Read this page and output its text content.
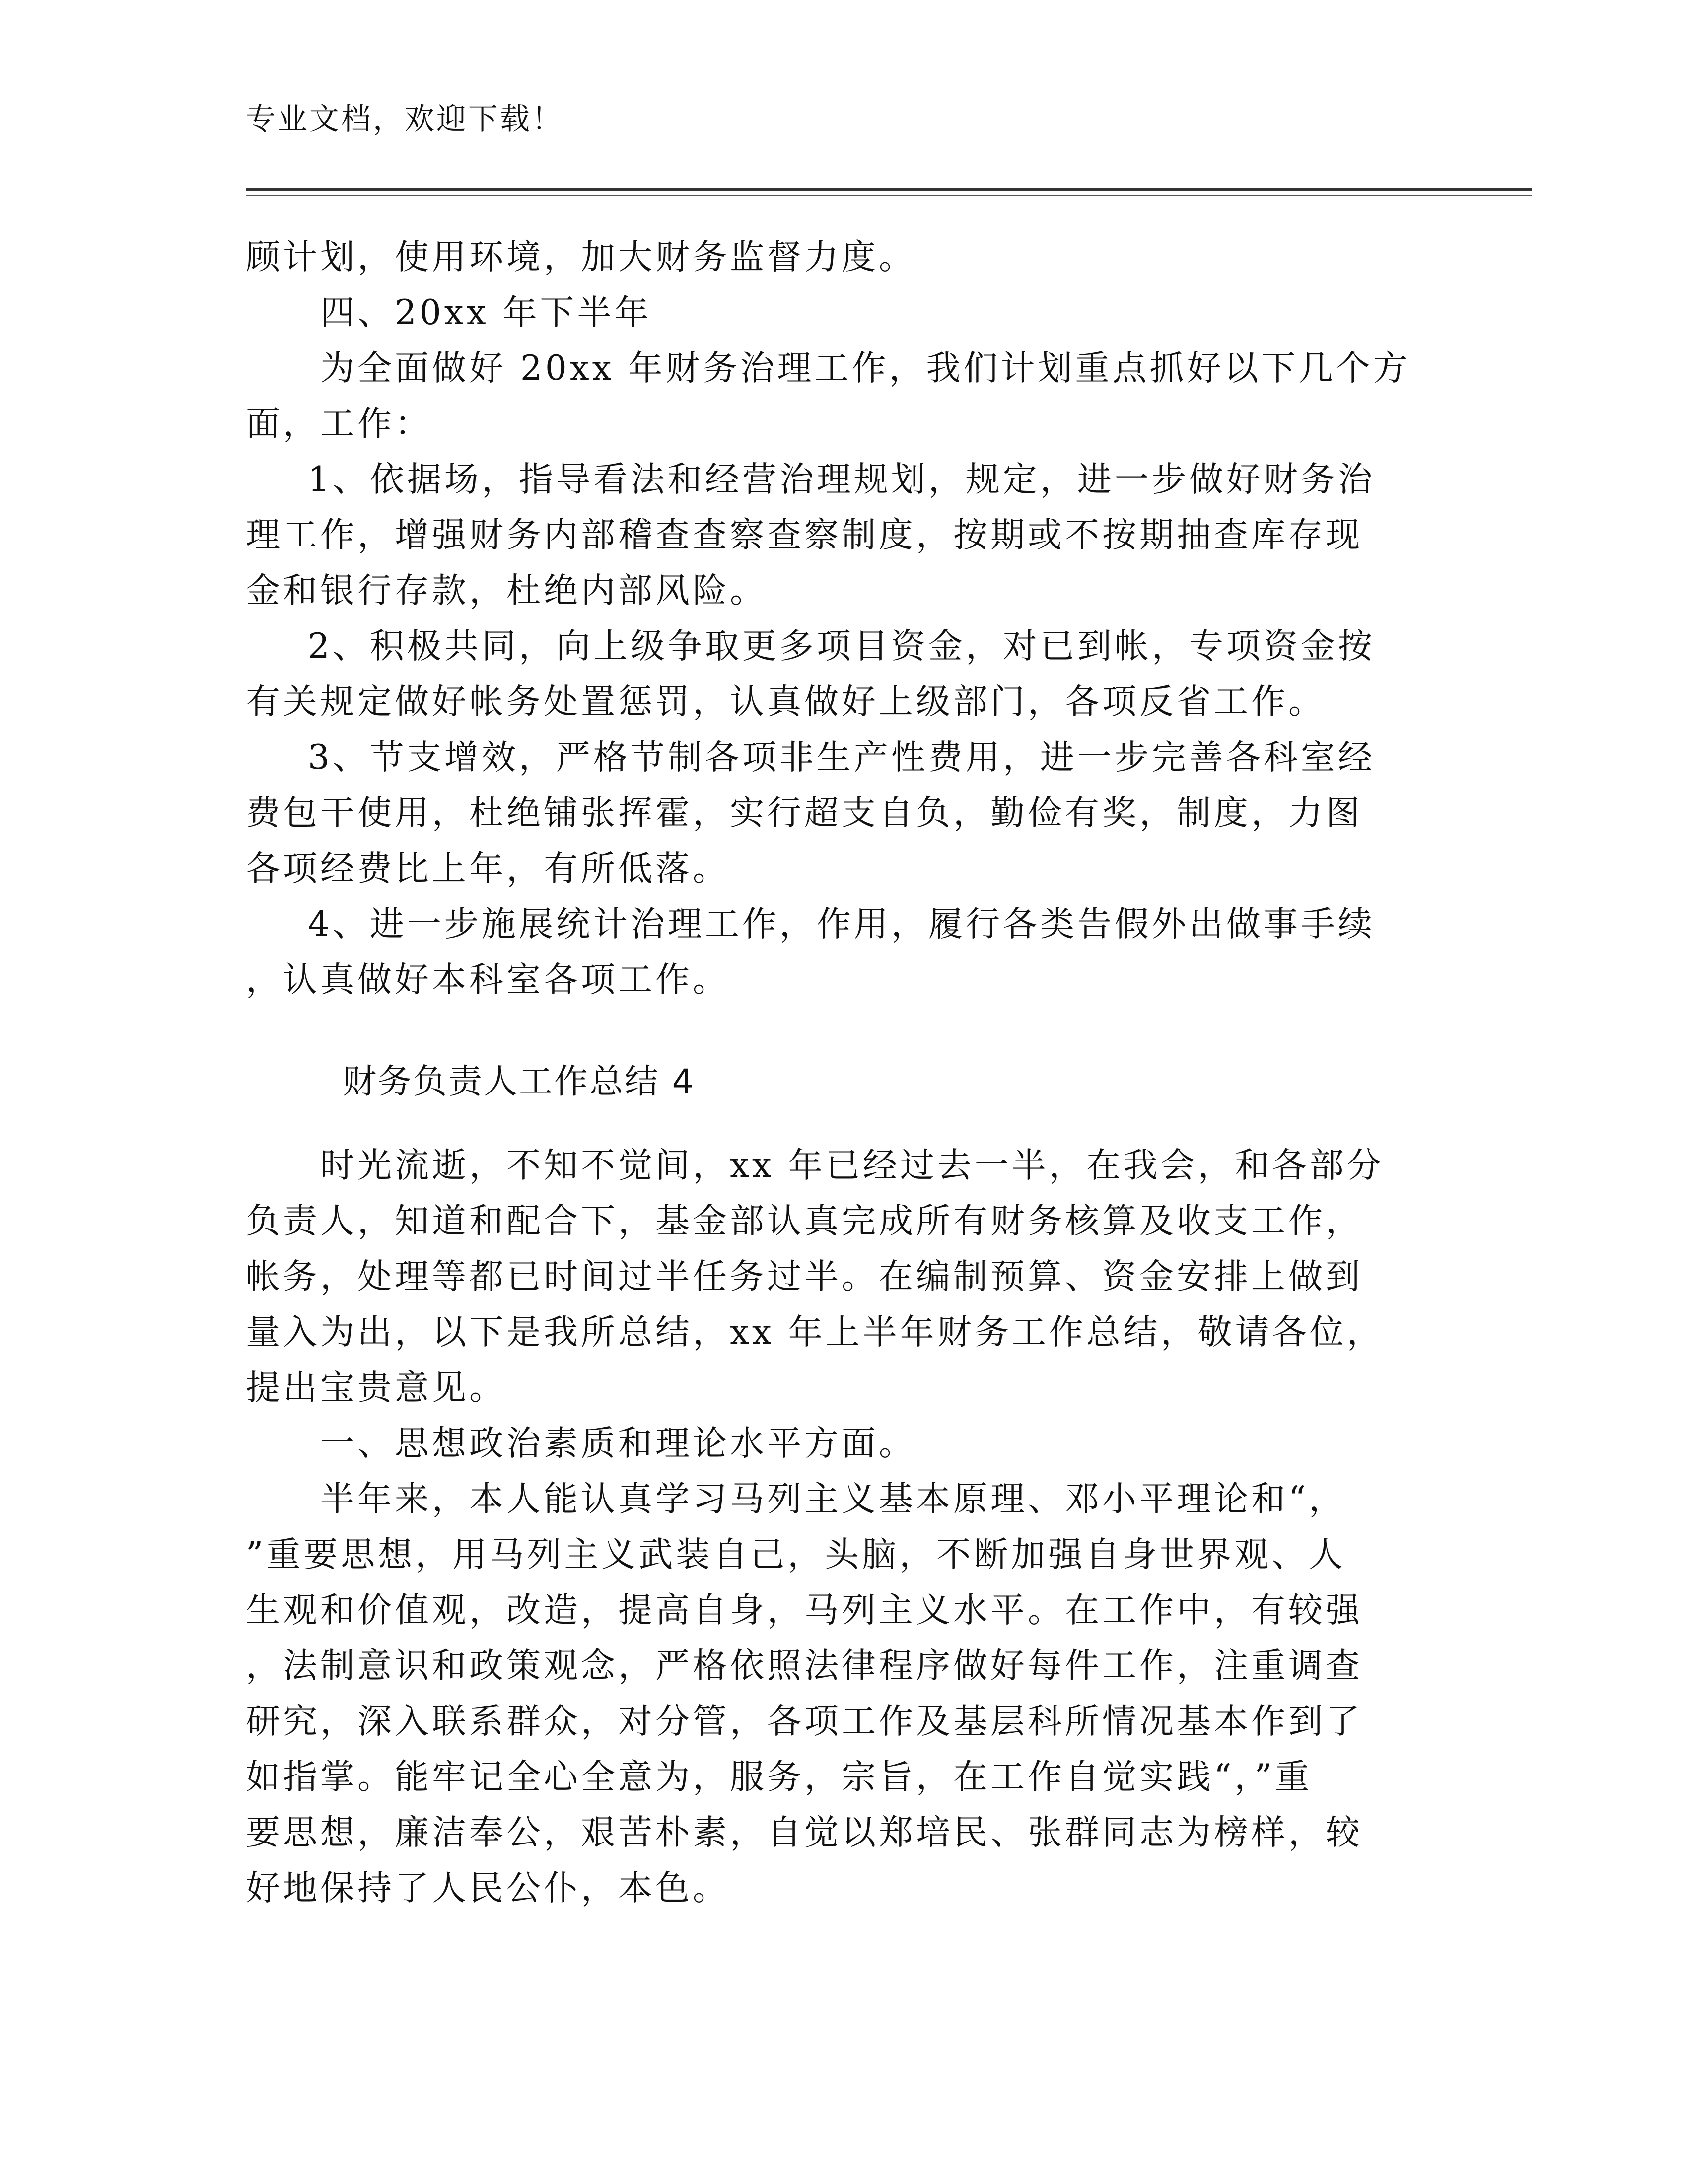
专业文档，欢迎下载！
顾计划，使用环境，加大财务监督力度。
四、20xx 年下半年
为全面做好 20xx 年财务治理工作，我们计划重点抓好以下几个方
面，工作：
1、依据场，指导看法和经营治理规划，规定，进一步做好财务治
理工作，增强财务内部稽查查察查察制度，按期或不按期抽查库存现
金和银行存款，杜绝内部风险。
2、积极共同，向上级争取更多项目资金，对已到帐，专项资金按
有关规定做好帐务处置惩罚，认真做好上级部门，各项反省工作。
3、节支增效，严格节制各项非生产性费用，进一步完善各科室经
费包干使用，杜绝铺张挥霍，实行超支自负，勤俭有奖，制度，力图
各项经费比上年，有所低落。
4、进一步施展统计治理工作，作用，履行各类告假外出做事手续
，认真做好本科室各项工作。
财务负责人工作总结 4
时光流逝，不知不觉间，xx 年已经过去一半，在我会，和各部分
负责人，知道和配合下，基金部认真完成所有财务核算及收支工作，
帐务，处理等都已时间过半任务过半。在编制预算、资金安排上做到
量入为出，以下是我所总结，xx 年上半年财务工作总结，敬请各位，
提出宝贵意见。
一、思想政治素质和理论水平方面。
半年来，本人能认真学习马列主义基本原理、邓小平理论和“，
”重要思想，用马列主义武装自己，头脑，不断加强自身世界观、人
生观和价值观，改造，提高自身，马列主义水平。在工作中，有较强
，法制意识和政策观念，严格依照法律程序做好每件工作，注重调查
研究，深入联系群众，对分管，各项工作及基层科所情况基本作到了
如指掌。能牢记全心全意为，服务，宗旨，在工作自觉实践“，”重
要思想，廉洁奉公，艰苦朴素，自觉以郑培民、张群同志为榜样，较
好地保持了人民公仆，本色。
